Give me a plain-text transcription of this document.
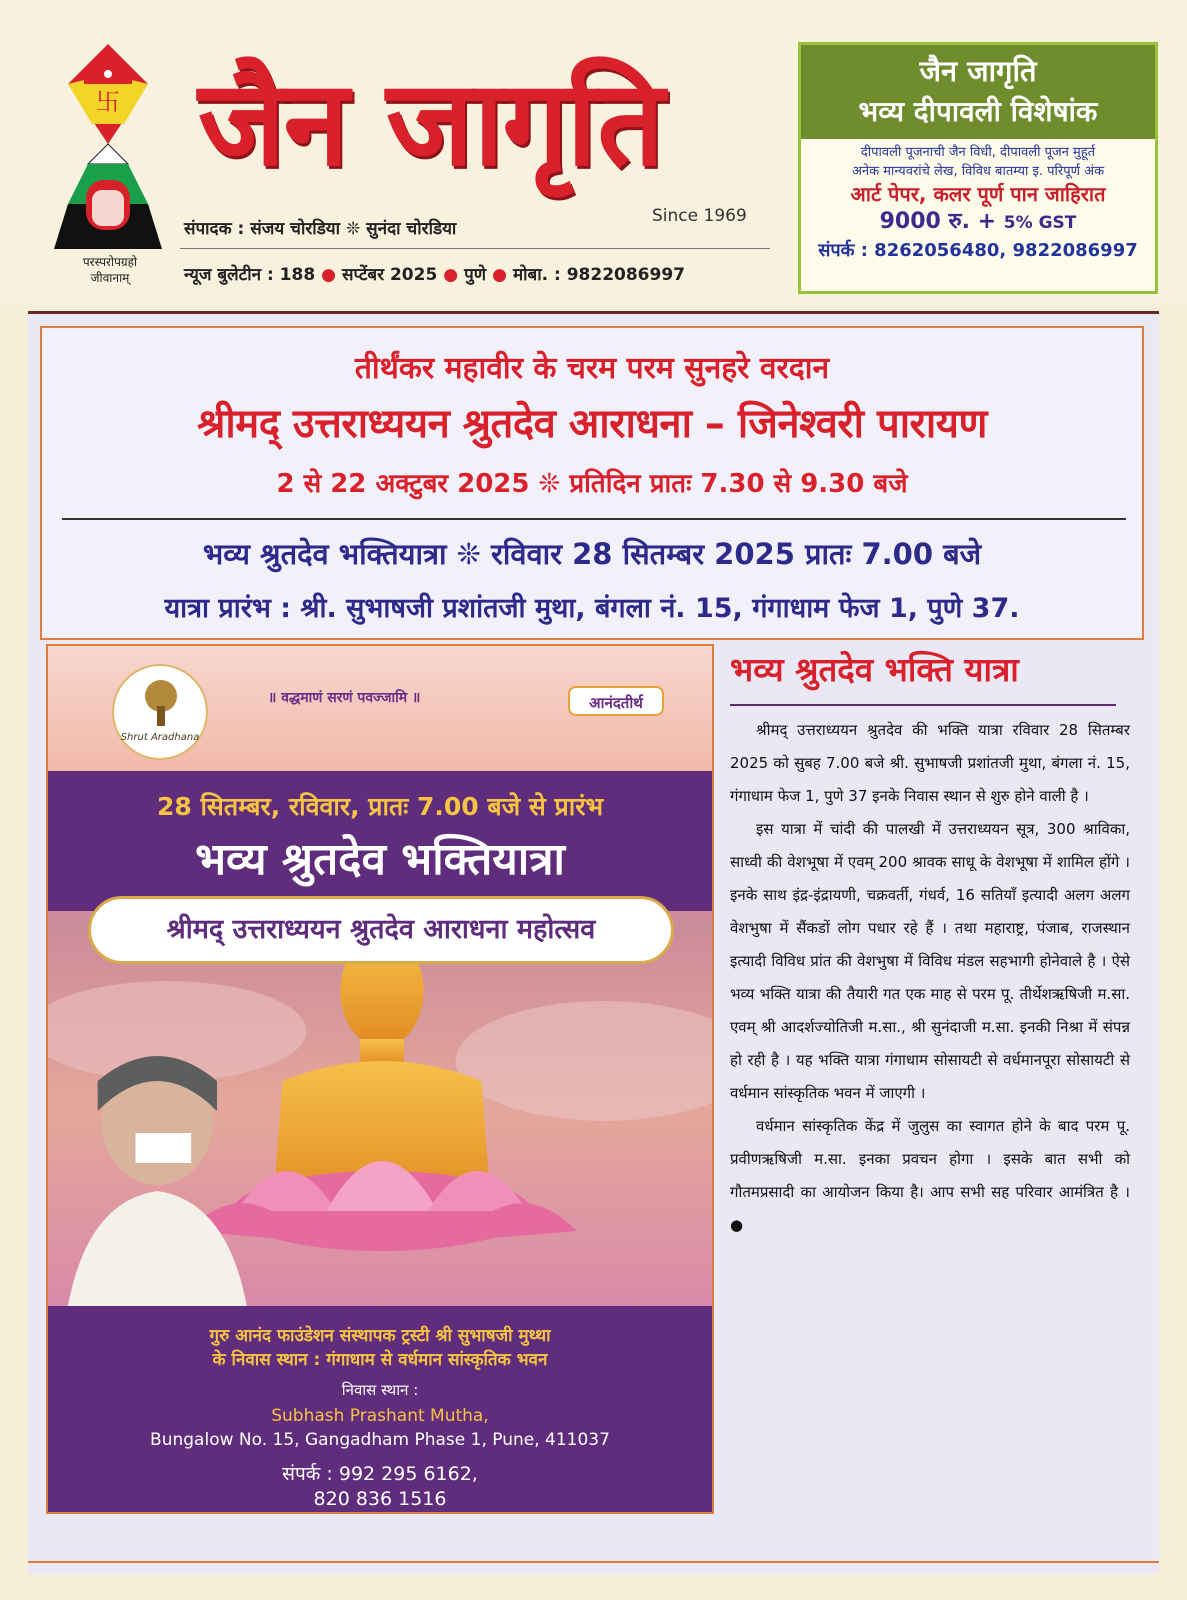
卐
परस्परोपग्रहो
जीवानाम्
जैन जागृति
Since 1969
संपादक : संजय चोरडिया ❊ सुनंदा चोरडिया
न्यूज बुलेटीन : 188 ● सप्टेंबर 2025 ● पुणे ● मोबा. : 9822086997
जैन जागृति
भव्य दीपावली विशेषांक
दीपावली पूजनाची जैन विधी, दीपावली पूजन मुहूर्त
अनेक मान्यवरांचे लेख, विविध बातम्या इ. परिपूर्ण अंक
आर्ट पेपर, कलर पूर्ण पान जाहिरात
9000 रु. + 5% GST
संपर्क : 8262056480, 9822086997
तीर्थंकर महावीर के चरम परम सुनहरे वरदान
श्रीमद् उत्तराध्ययन श्रुतदेव आराधना – जिनेश्वरी पारायण
2 से 22 अक्टुबर 2025 ❊ प्रतिदिन प्रातः 7.30 से 9.30 बजे
भव्य श्रुतदेव भक्तियात्रा ❊ रविवार 28 सितम्बर 2025 प्रातः 7.00 बजे
यात्रा प्रारंभ : श्री. सुभाषजी प्रशांतजी मुथा, बंगला नं. 15, गंगाधाम फेज 1, पुणे 37.
Shrut Aradhana
॥ वद्धमाणं सरणं पवज्जामि ॥	आनंदतीर्थ
28 सितम्बर, रविवार, प्रातः 7.00 बजे से प्रारंभ
भव्य श्रुतदेव भक्तियात्रा
श्रीमद् उत्तराध्ययन श्रुतदेव आराधना महोत्सव
गुरु आनंद फाउंडेशन संस्थापक ट्रस्टी श्री सुभाषजी मुथ्था
के निवास स्थान : गंगाधाम से वर्धमान सांस्कृतिक भवन
निवास स्थान :
Subhash Prashant Mutha,
Bungalow No. 15, Gangadham Phase 1, Pune, 411037
संपर्क : 992 295 6162,
820 836 1516
भव्य श्रुतदेव भक्ति यात्रा

श्रीमद् उत्तराध्ययन श्रुतदेव की भक्ति यात्रा रविवार 28 सितम्बर 2025 को सुबह 7.00 बजे श्री. सुभाषजी प्रशांतजी मुथा, बंगला नं. 15, गंगाधाम फेज 1, पुणे 37 इनके निवास स्थान से शुरु होने वाली है ।

इस यात्रा में चांदी की पालखी में उत्तराध्ययन सूत्र, 300 श्राविका, साध्वी की वेशभूषा में एवम् 200 श्रावक साधू के वेशभूषा में शामिल होंगे । इनके साथ इंद्र-इंद्रायणी, चक्रवर्ती, गंधर्व, 16 सतियाँ इत्यादी अलग अलग वेशभुषा में सैंकडों लोग पधार रहे हैं । तथा महाराष्ट्र, पंजाब, राजस्थान इत्यादी विविध प्रांत की वेशभुषा में विविध मंडल सहभागी होनेवाले है । ऐसे भव्य भक्ति यात्रा की तैयारी गत एक माह से परम पू. तीर्थेशऋषिजी म.सा. एवम् श्री आदर्शज्योतिजी म.सा., श्री सुनंदाजी म.सा. इनकी निश्रा में संपन्न हो रही है । यह भक्ति यात्रा गंगाधाम सोसायटी से वर्धमानपूरा सोसायटी से वर्धमान सांस्कृतिक भवन में जाएगी ।

वर्धमान सांस्कृतिक केंद्र में जुलुस का स्वागत होने के बाद परम पू. प्रवीणऋषिजी म.सा. इनका प्रवचन होगा । इसके बात सभी को गौतमप्रसादी का आयोजन किया है। आप सभी सह परिवार आमंत्रित है । ●
